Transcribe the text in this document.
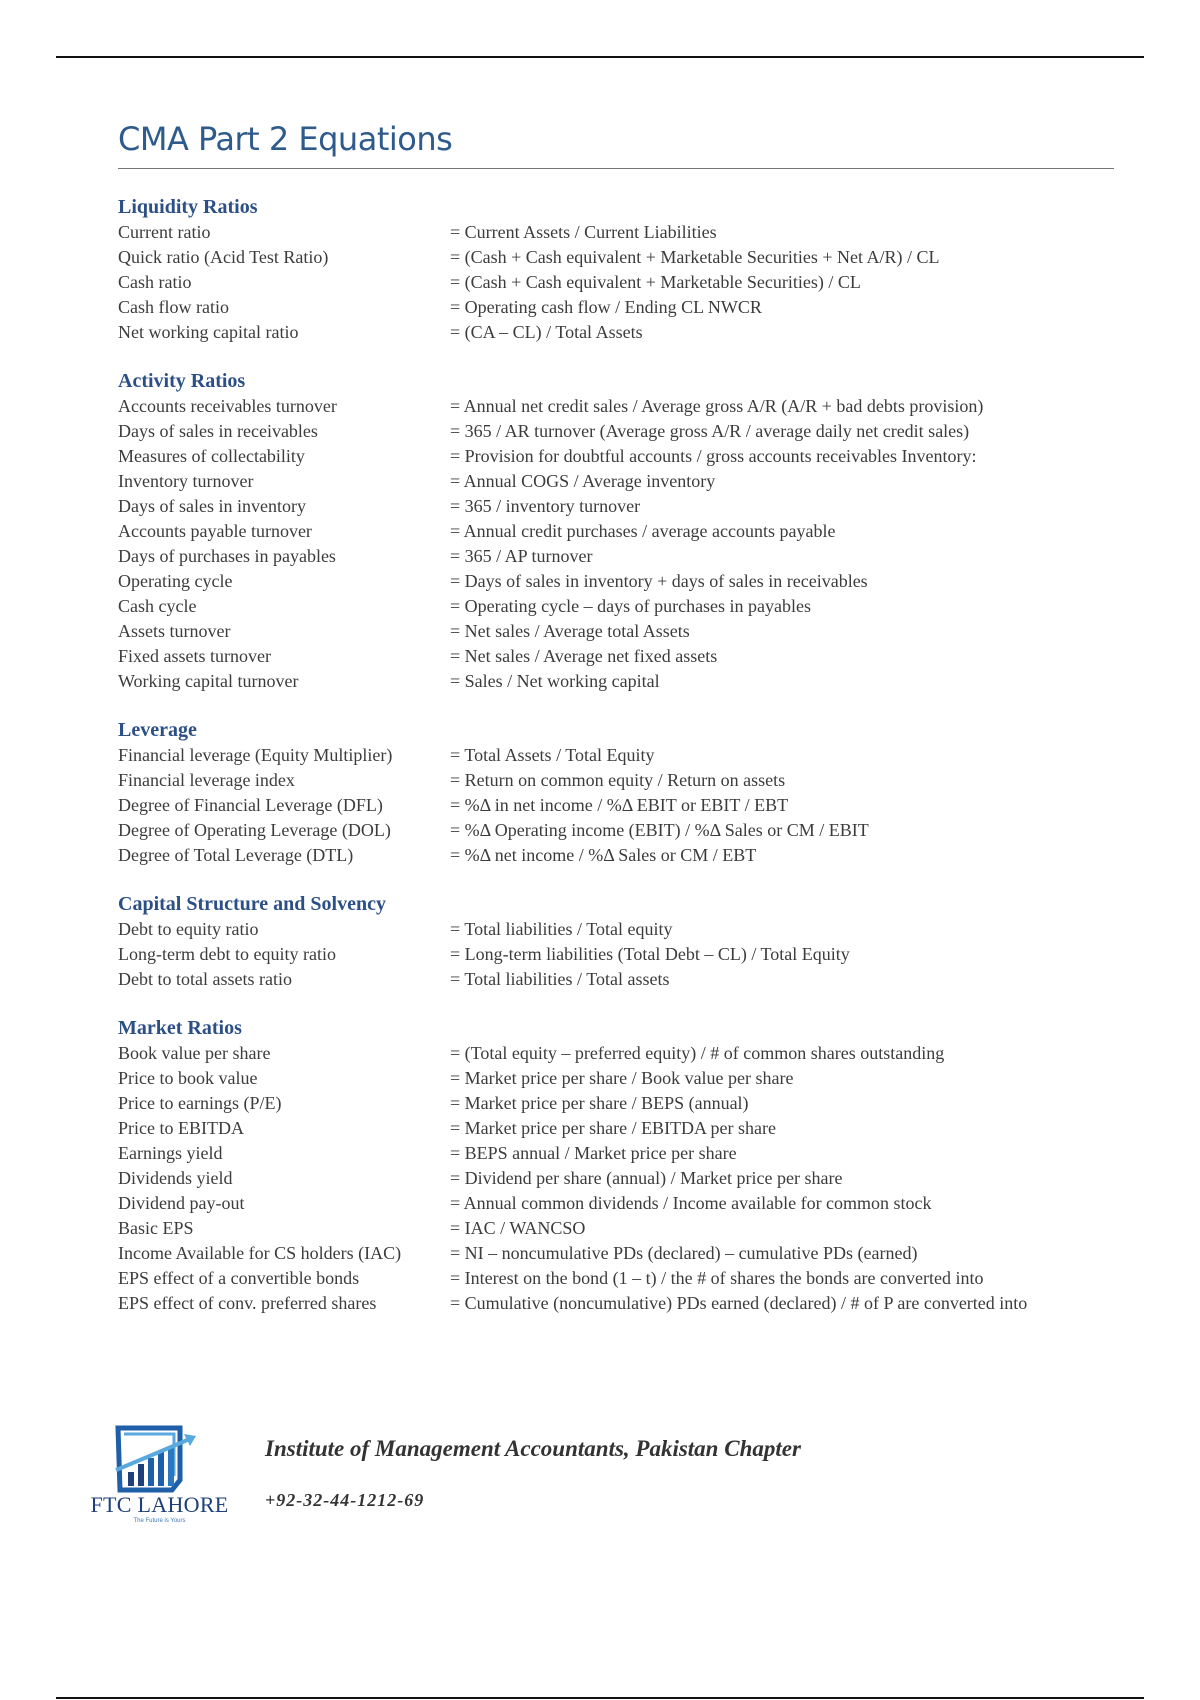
CMA Part 2 Equations
Liquidity Ratios
Current ratio	= Current Assets / Current Liabilities
Quick ratio (Acid Test Ratio)	= (Cash + Cash equivalent + Marketable Securities + Net A/R) / CL
Cash ratio	= (Cash + Cash equivalent + Marketable Securities) / CL
Cash flow ratio	= Operating cash flow / Ending CL NWCR
Net working capital ratio	= (CA – CL) / Total Assets
Activity Ratios
Accounts receivables turnover	= Annual net credit sales / Average gross A/R (A/R + bad debts provision)
Days of sales in receivables	= 365 / AR turnover (Average gross A/R / average daily net credit sales)
Measures of collectability	= Provision for doubtful accounts / gross accounts receivables Inventory:
Inventory turnover	= Annual COGS / Average inventory
Days of sales in inventory	= 365 / inventory turnover
Accounts payable turnover	= Annual credit purchases / average accounts payable
Days of purchases in payables	= 365 / AP turnover
Operating cycle	= Days of sales in inventory + days of sales in receivables
Cash cycle	= Operating cycle – days of purchases in payables
Assets turnover	= Net sales / Average total Assets
Fixed assets turnover	= Net sales / Average net fixed assets
Working capital turnover	= Sales / Net working capital
Leverage
Financial leverage (Equity Multiplier)	= Total Assets / Total Equity
Financial leverage index	= Return on common equity / Return on assets
Degree of Financial Leverage (DFL)	= %Δ in net income / %Δ EBIT or EBIT / EBT
Degree of Operating Leverage (DOL)	= %Δ Operating income (EBIT) / %Δ Sales or CM / EBIT
Degree of Total Leverage (DTL)	= %Δ net income / %Δ Sales or CM / EBT
Capital Structure and Solvency
Debt to equity ratio	= Total liabilities / Total equity
Long-term debt to equity ratio	= Long-term liabilities (Total Debt – CL) / Total Equity
Debt to total assets ratio	= Total liabilities / Total assets
Market Ratios
Book value per share	= (Total equity – preferred equity) / # of common shares outstanding
Price to book value	= Market price per share / Book value per share
Price to earnings (P/E)	= Market price per share / BEPS (annual)
Price to EBITDA	= Market price per share / EBITDA per share
Earnings yield	= BEPS annual / Market price per share
Dividends yield	= Dividend per share (annual) / Market price per share
Dividend pay-out	= Annual common dividends / Income available for common stock
Basic EPS	= IAC / WANCSO
Income Available for CS holders (IAC)	= NI – noncumulative PDs (declared) – cumulative PDs (earned)
EPS effect of a convertible bonds	= Interest on the bond (1 – t) / the # of shares the bonds are converted into
EPS effect of conv. preferred shares	= Cumulative (noncumulative) PDs earned (declared) / # of P are converted into
FTC LAHORE
The Future is Yours
Institute of Management Accountants, Pakistan Chapter
+92-32-44-1212-69
